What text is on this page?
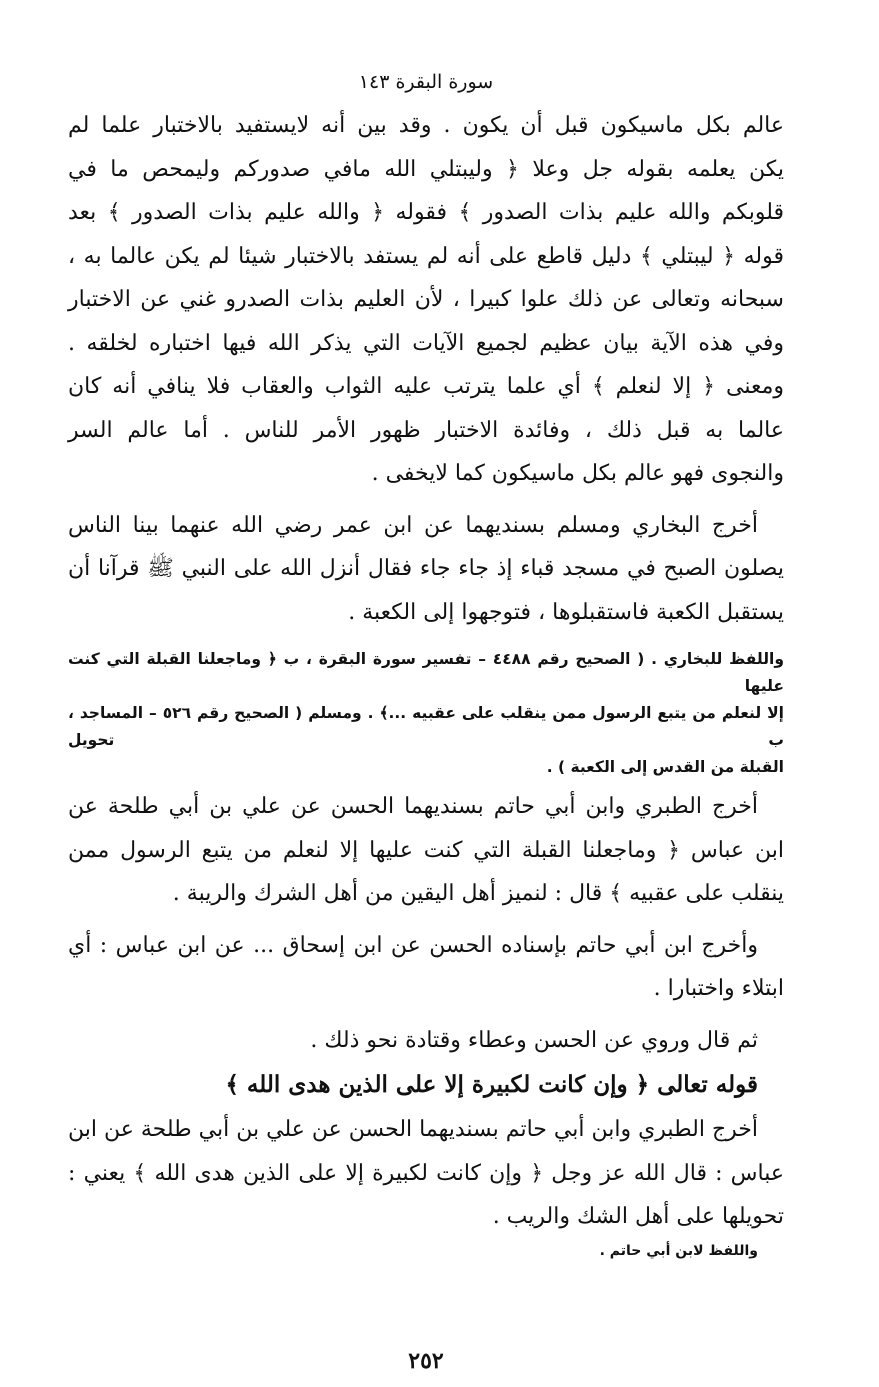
سورة البقرة ١٤٣
عالم بكل ماسيكون قبل أن يكون . وقد بين أنه لايستفيد بالاختبار علما لم
يكن يعلمه بقوله جل وعلا ﴿ وليبتلي الله مافي صدوركم وليمحص ما في
قلوبكم والله عليم بذات الصدور ﴾ فقوله ﴿ والله عليم بذات الصدور ﴾ بعد
قوله ﴿ ليبتلي ﴾ دليل قاطع على أنه لم يستفد بالاختبار شيئا لم يكن عالما به ،
سبحانه وتعالى عن ذلك علوا كبيرا ، لأن العليم بذات الصدرو غني عن الاختبار
وفي هذه الآية بيان عظيم لجميع الآيات التي يذكر الله فيها اختباره لخلقه .
ومعنى ﴿ إلا لنعلم ﴾ أي علما يترتب عليه الثواب والعقاب فلا ينافي أنه كان
عالما به قبل ذلك ، وفائدة الاختبار ظهور الأمر للناس . أما عالم السر
والنجوى فهو عالم بكل ماسيكون كما لايخفى .
أخرج البخاري ومسلم بسنديهما عن ابن عمر رضي الله عنهما بينا الناس
يصلون الصبح في مسجد قباء إذ جاء جاء فقال أنزل الله على النبي ﷺ قرآنا أن
يستقبل الكعبة فاستقبلوها ، فتوجهوا إلى الكعبة .
واللفظ للبخاري . ( الصحيح رقم ٤٤٨٨ – تفسير سورة البقرة ، ب ﴿ وماجعلنا القبلة التي كنت عليها
إلا لنعلم من يتبع الرسول ممن ينقلب على عقبيه ...﴾ . ومسلم ( الصحيح رقم ٥٢٦ – المساجد ، ب تحويل
القبلة من القدس إلى الكعبة ) .
أخرج الطبري وابن أبي حاتم بسنديهما الحسن عن علي بن أبي طلحة عن
ابن عباس ﴿ وماجعلنا القبلة التي كنت عليها إلا لنعلم من يتبع الرسول ممن
ينقلب على عقبيه ﴾ قال : لنميز أهل اليقين من أهل الشرك والريبة .
وأخرج ابن أبي حاتم بإسناده الحسن عن ابن إسحاق ... عن ابن عباس : أي
ابتلاء واختبارا .
ثم قال وروي عن الحسن وعطاء وقتادة نحو ذلك .
قوله تعالى ﴿ وإن كانت لكبيرة إلا على الذين هدى الله ﴾
أخرج الطبري وابن أبي حاتم بسنديهما الحسن عن علي بن أبي طلحة عن ابن
عباس : قال الله عز وجل ﴿ وإن كانت لكبيرة إلا على الذين هدى الله ﴾ يعني :
تحويلها على أهل الشك والريب .
واللفظ لابن أبي حاتم .
٢٥٢
